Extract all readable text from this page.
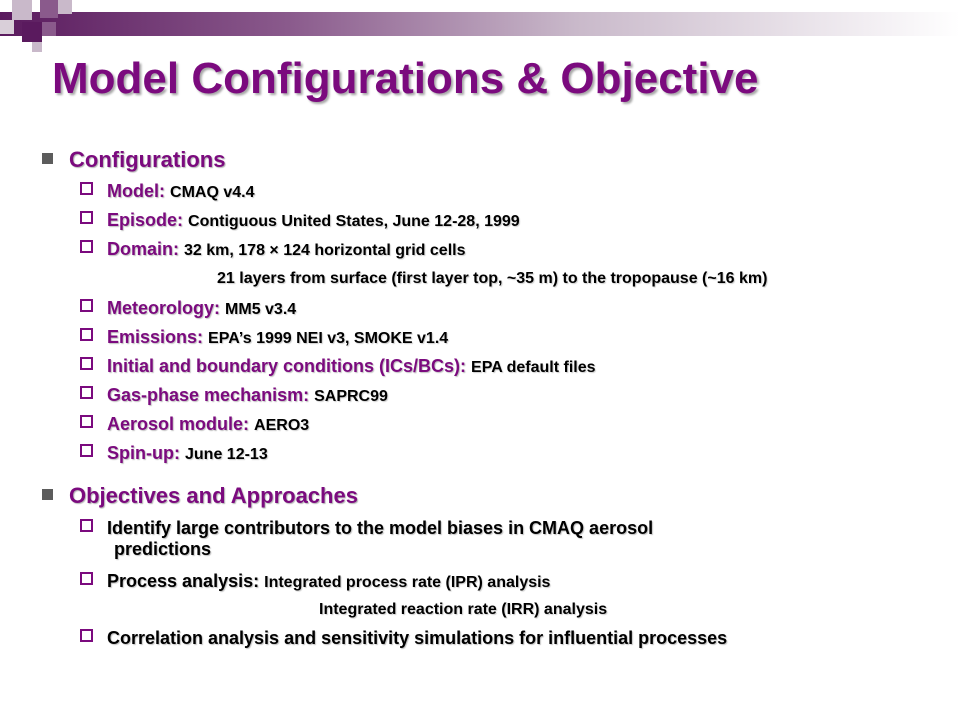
Model Configurations & Objective
Configurations
Model: CMAQ v4.4
Episode: Contiguous United States, June 12-28, 1999
Domain: 32 km, 178 × 124 horizontal grid cells
21 layers from surface (first layer top, ~35 m) to the tropopause (~16 km)
Meteorology: MM5 v3.4
Emissions: EPA’s 1999 NEI v3, SMOKE v1.4
Initial and boundary conditions (ICs/BCs): EPA default files
Gas-phase mechanism: SAPRC99
Aerosol module: AERO3
Spin-up: June 12-13
Objectives and Approaches
Identify large contributors to the model biases in CMAQ aerosol
predictions
Process analysis: Integrated process rate (IPR) analysis
Integrated reaction rate (IRR) analysis
Correlation analysis and sensitivity simulations for influential processes
